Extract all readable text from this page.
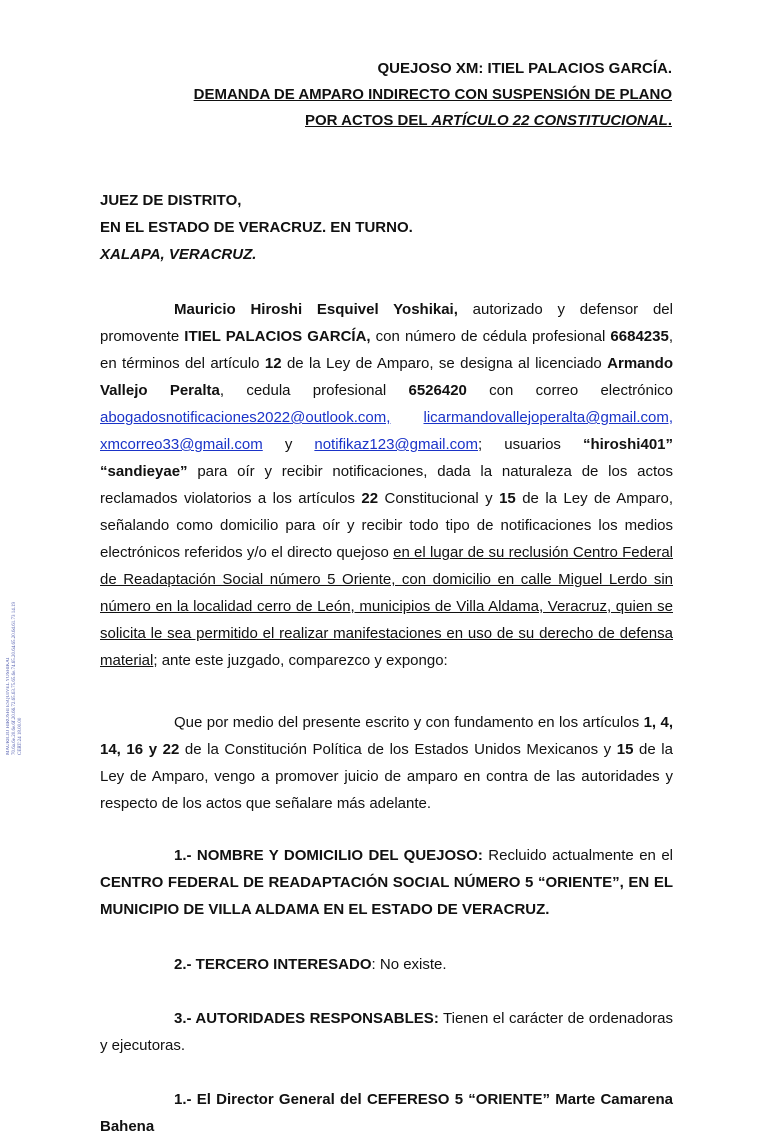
QUEJOSO XM: ITIEL PALACIOS GARCÍA.
DEMANDA DE AMPARO INDIRECTO CON SUSPENSIÓN DE PLANO
POR ACTOS DEL ARTÍCULO 22 CONSTITUCIONAL.
JUEZ DE DISTRITO,
EN EL ESTADO DE VERACRUZ. EN TURNO.
XALAPA, VERACRUZ.

Mauricio Hiroshi Esquivel Yoshikai, autorizado y defensor del promovente ITIEL PALACIOS GARCÍA, con número de cédula profesional 6684235, en términos del artículo 12 de la Ley de Amparo, se designa al licenciado Armando Vallejo Peralta, cedula profesional 6526420 con correo electrónico abogadosnotificaciones2022@outlook.com, licarmandovallejoperalta@gmail.com, xmcorreo33@gmail.com y notifikaz123@gmail.com; usuarios “hiroshi401” “sandieyae” para oír y recibir notificaciones, dada la naturaleza de los actos reclamados violatorios a los artículos 22 Constitucional y 15 de la Ley de Amparo, señalando como domicilio para oír y recibir todo tipo de notificaciones los medios electrónicos referidos y/o el directo quejoso en el lugar de su reclusión Centro Federal de Readaptación Social número 5 Oriente, con domicilio en calle Miguel Lerdo sin número en la localidad cerro de León, municipios de Villa Aldama, Veracruz, quien se solicita le sea permitido el realizar manifestaciones en uso de su derecho de defensa material; ante este juzgado, comparezco y expongo:

Que por medio del presente escrito y con fundamento en los artículos 1, 4, 14, 16 y 22 de la Constitución Política de los Estados Unidos Mexicanos y 15 de la Ley de Amparo, vengo a promover juicio de amparo en contra de las autoridades y respecto de los actos que señalare más adelante.

1.- NOMBRE Y DOMICILIO DEL QUEJOSO: Recluido actualmente en el CENTRO FEDERAL DE READAPTACIÓN SOCIAL NÚMERO 5 “ORIENTE”, EN EL MUNICIPIO DE VILLA ALDAMA EN EL ESTADO DE VERACRUZ.

2.- TERCERO INTERESADO: No existe.

3.- AUTORIDADES RESPONSABLES: Tienen el carácter de ordenadoras y ejecutoras.

1.- El Director General del CEFERESO 5 “ORIENTE” Marte Camarena Bahena

MAURICIO HIROSHI ESQUIVEL YOSHIKAI 70.6a.6e.20.6e.6f.20.66.72.65.63.75.65.6e.74.65.20.64.65.20.6d.61.73 14.19 CERT:24 18.00.00
